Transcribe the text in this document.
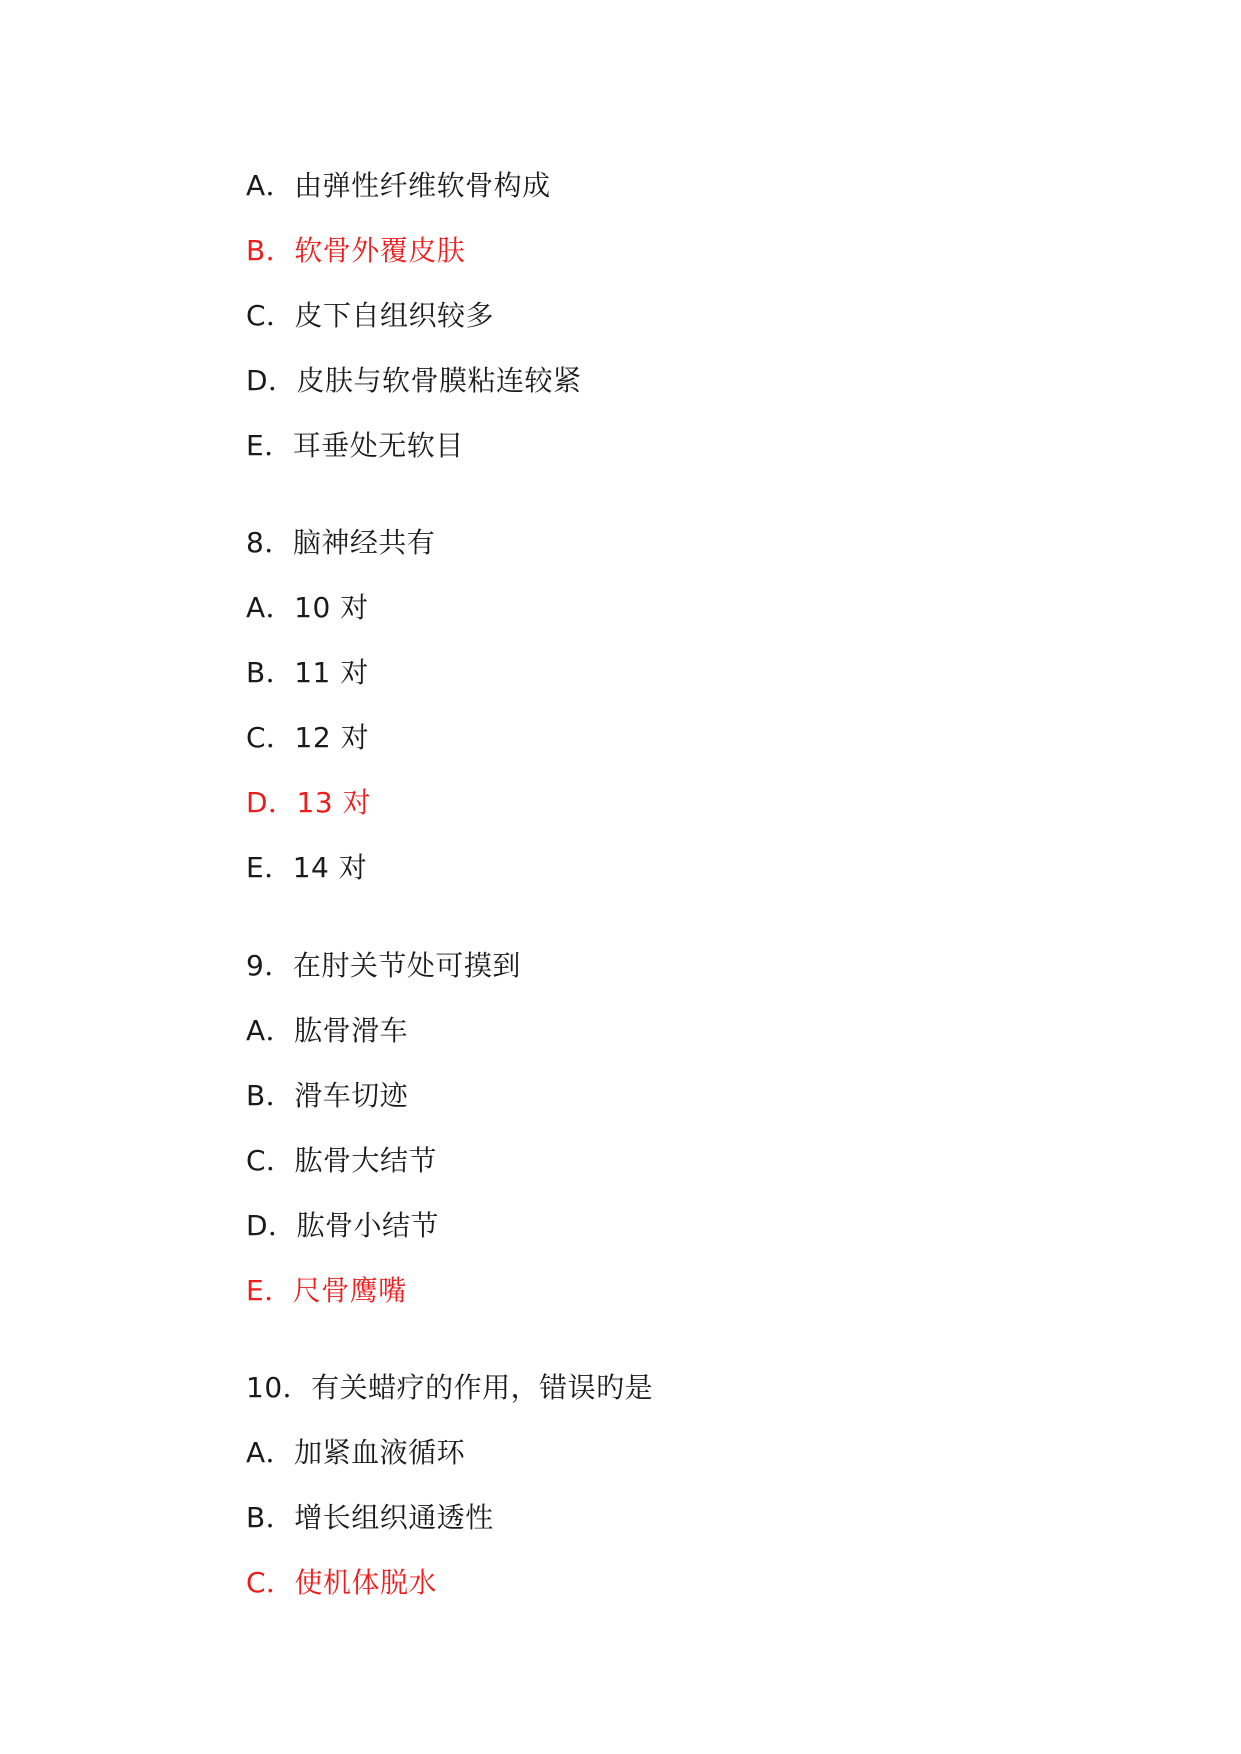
A．由弹性纤维软骨构成
B．软骨外覆皮肤
C．皮下自组织较多
D．皮肤与软骨膜粘连较紧
E．耳垂处无软目
8．脑神经共有
A．10 对
B．11 对
C．12 对
D．13 对
E．14 对
9．在肘关节处可摸到
A．肱骨滑车
B．滑车切迹
C．肱骨大结节
D．肱骨小结节
E．尺骨鹰嘴
10．有关蜡疗的作用，错误旳是
A．加紧血液循环
B．增长组织通透性
C．使机体脱水
